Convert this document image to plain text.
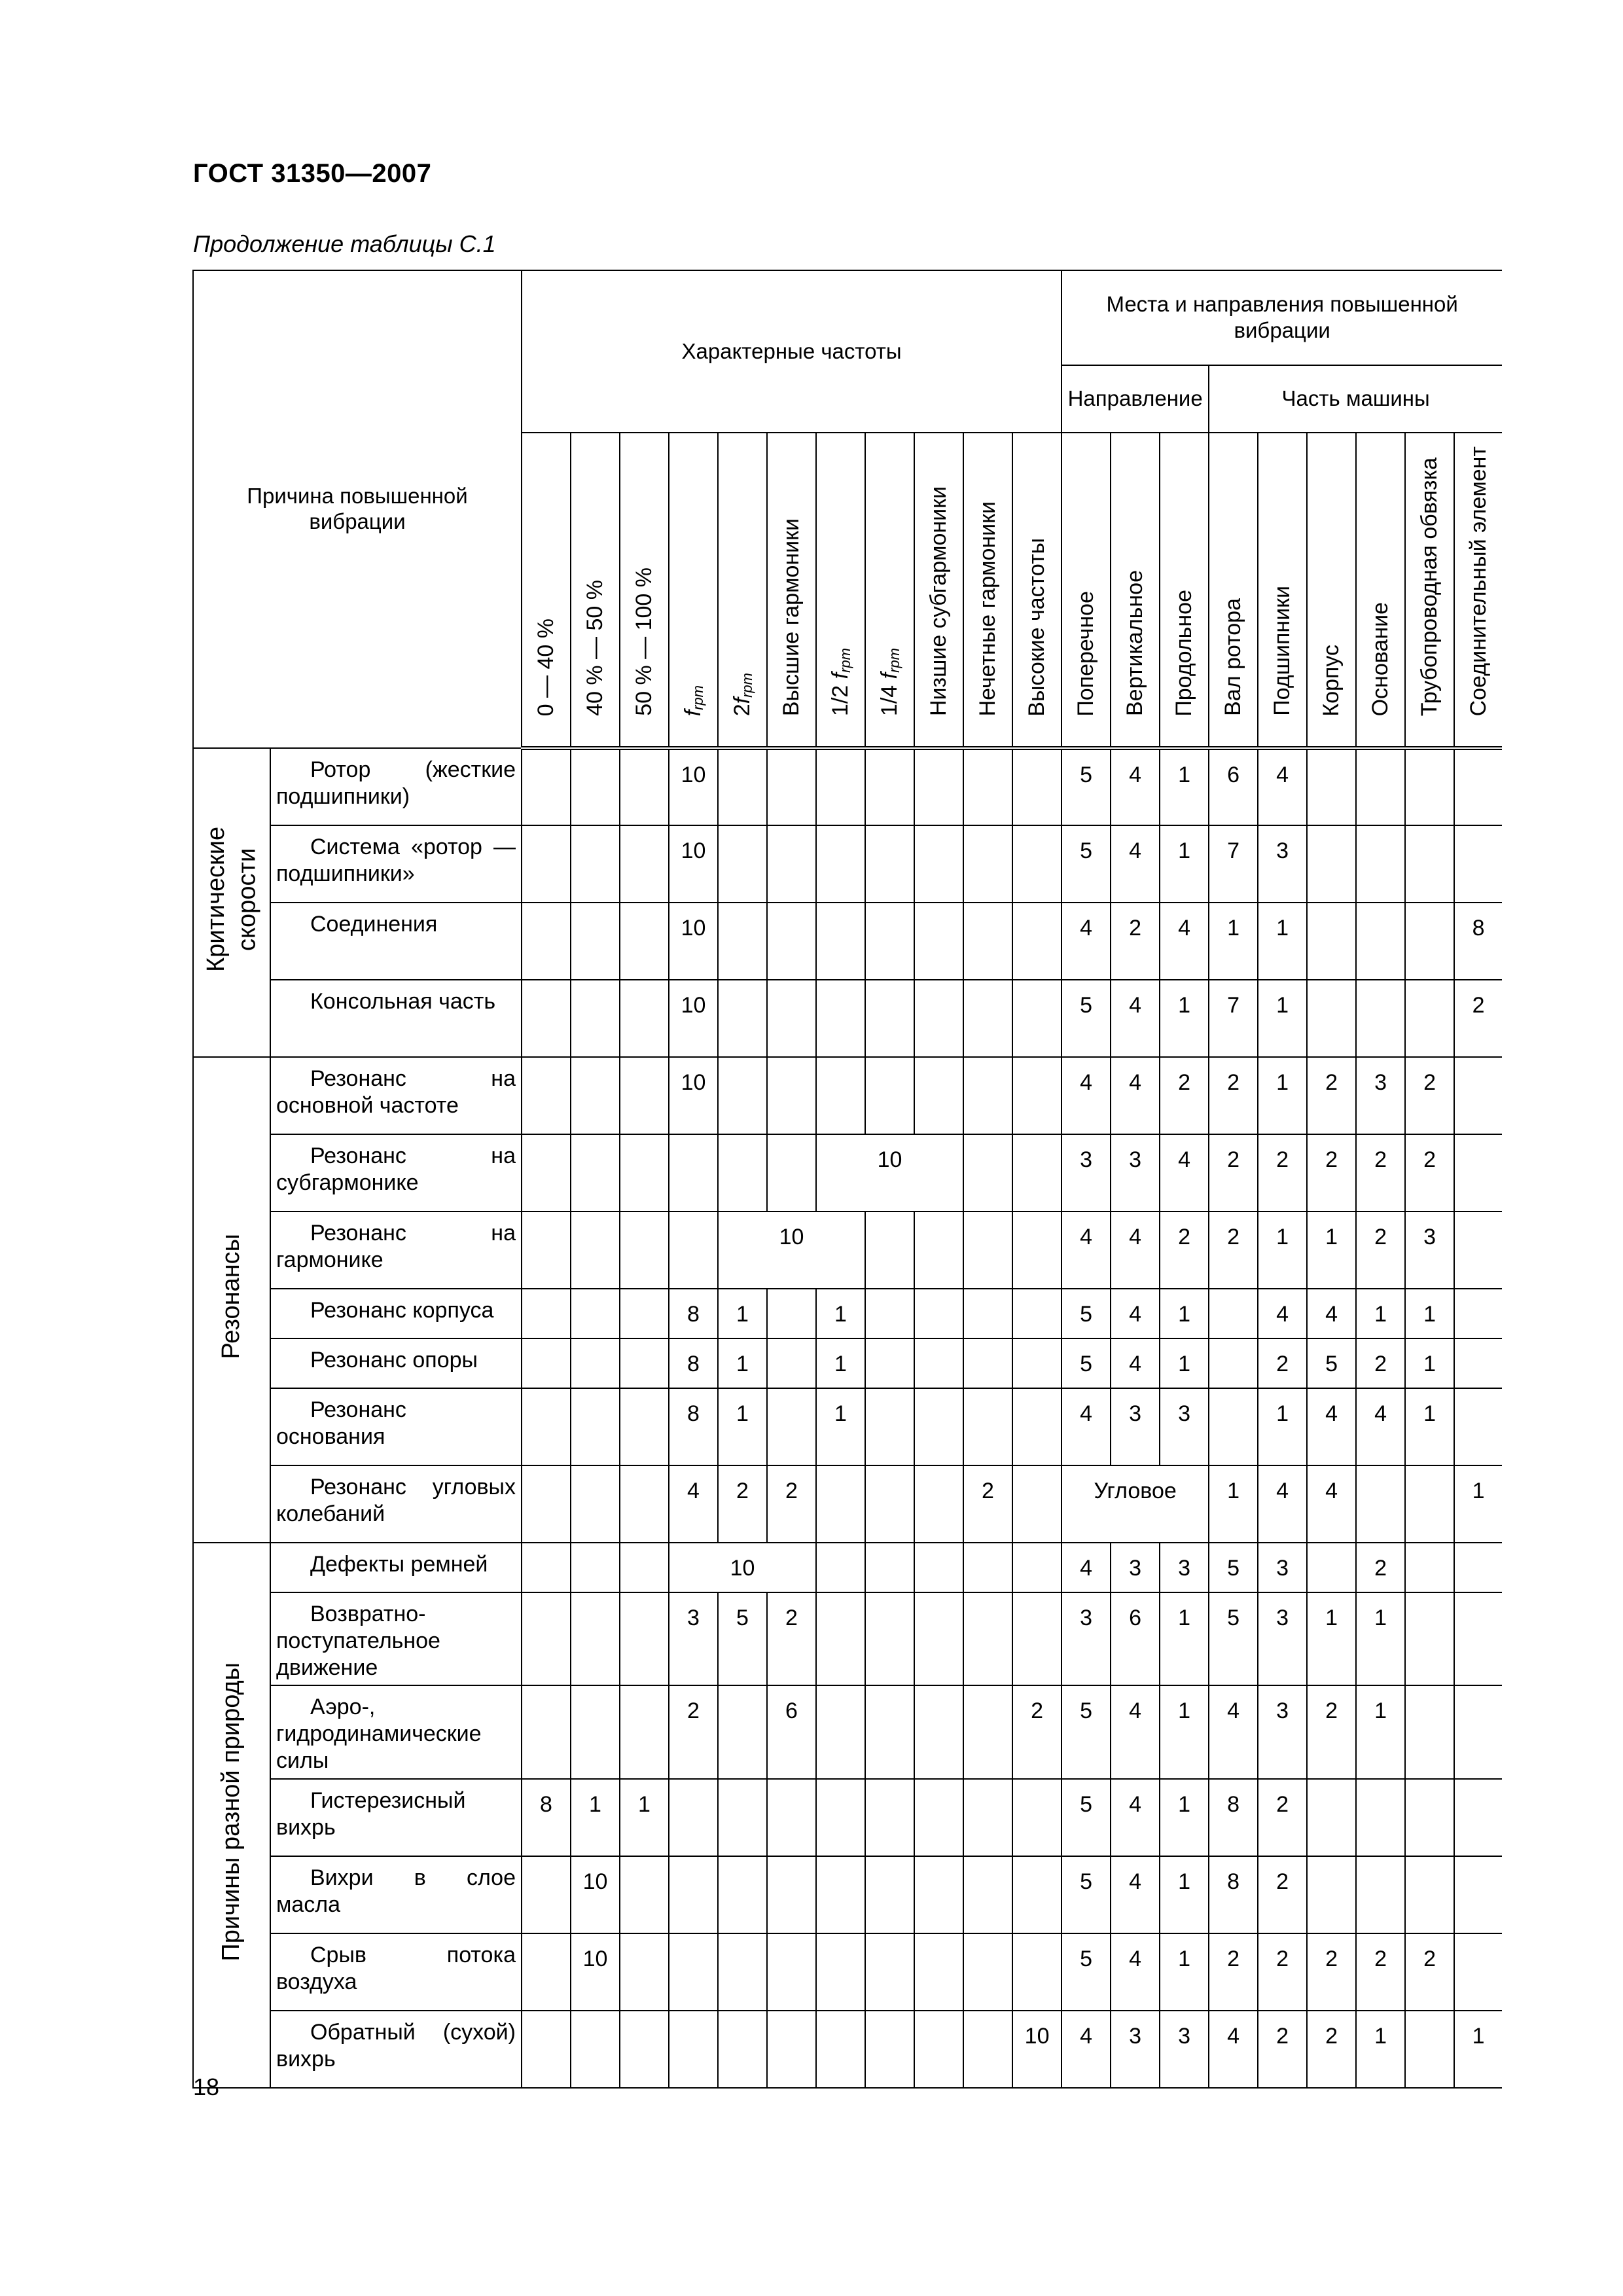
ГОСТ 31350—2007
Продолжение таблицы С.1
Причина повышенной вибрации		Характерные частоты											Места и направления повышенной вибрации								
													Направление			Часть машины					
		0 — 40 %	40 % — 50 %	50 % — 100 %	$f_{rpm}$	$2f_{rpm}$	Высшие гармоники	1/2 $f_{rpm}$	1/4 $f_{rpm}$	Низшие субгармоники	Нечетные гармоники	Высокие частоты	Поперечное	Вертикальное	Продольное	Вал ротора	Подшипники	Корпус	Основание	Трубопроводная обвязка	Соединительный элемент
Критические скорости	Ротор (жесткие подшипники)				10								5	4	1	6	4				
	Система «ротор — подшипники»				10								5	4	1	7	3				
	Соединения				10								4	2	4	1	1				8
	Консольная часть				10								5	4	1	7	1				2
Резонансы	Резонанс на основной частоте				10								4	4	2	2	1	2	3	2	
	Резонанс на субгармонике							10					3	3	4	2	2	2	2	2	
	Резонанс на гармонике					10							4	4	2	2	1	1	2	3	
	Резонанс корпуса				8	1		1					5	4	1		4	4	1	1	
	Резонанс опоры				8	1		1					5	4	1		2	5	2	1	
	Резонанс основания				8	1		1					4	3	3		1	4	4	1	
	Резонанс угловых колебаний				4	2	2				2		Угловое			1	4	4			1
Причины разной природы	Дефекты ремней				10								4	3	3	5	3		2		
	Возвратно-поступательное движение				3	5	2						3	6	1	5	3	1	1		
	Аэро-, гидродинамические силы				2		6					2	5	4	1	4	3	2	1		
	Гистерезисный вихрь	8	1	1									5	4	1	8	2				
	Вихри в слое масла		10										5	4	1	8	2				
	Срыв потока воздуха		10										5	4	1	2	2	2	2	2	
	Обратный (сухой) вихрь											10	4	3	3	4	2	2	1		1
18
